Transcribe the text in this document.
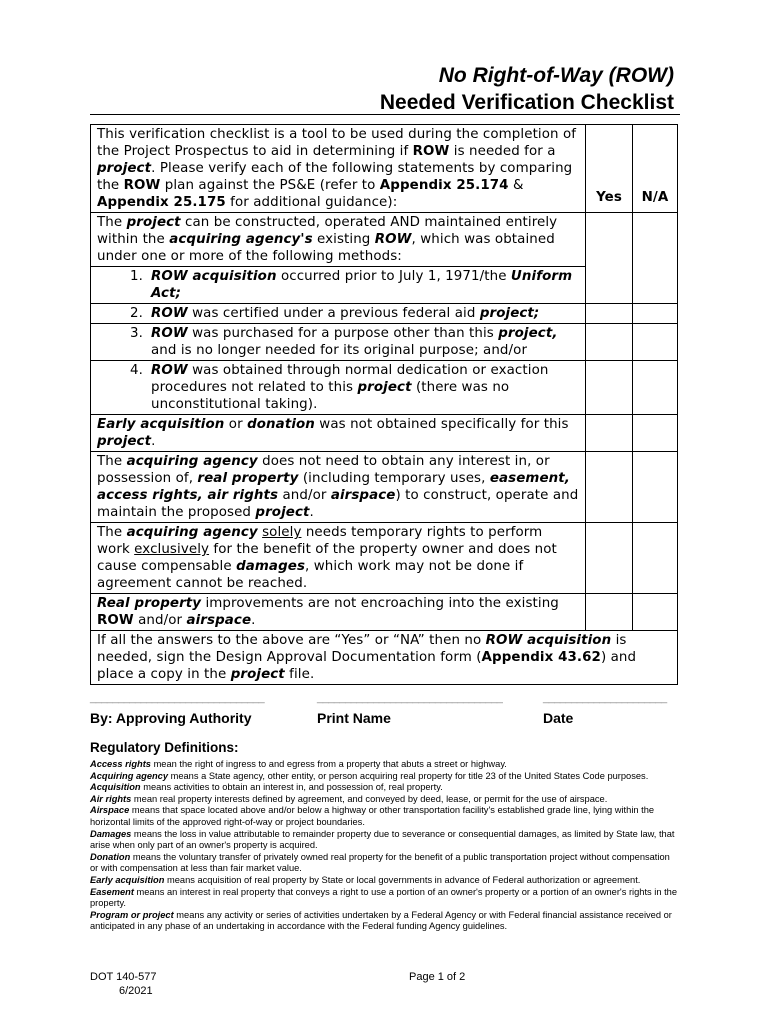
No Right-of-Way (ROW)
Needed Verification Checklist
This verification checklist is a tool to be used during the completion of the Project Prospectus to aid in determining if ROW is needed for a project. Please verify each of the following statements by comparing the ROW plan against the PS&E (refer to Appendix 25.174 & Appendix 25.175 for additional guidance):	Yes	N/A

The project can be constructed, operated AND maintained entirely within the acquiring agency's existing ROW, which was obtained under one or more of the following methods:		

1. ROW acquisition occurred prior to July 1, 1971/the Uniform Act;		

2. ROW was certified under a previous federal aid project;		

3. ROW was purchased for a purpose other than this project, and is no longer needed for its original purpose; and/or		

4. ROW was obtained through normal dedication or exaction procedures not related to this project (there was no unconstitutional taking).		

Early acquisition or donation was not obtained specifically for this project.		
The acquiring agency does not need to obtain any interest in, or possession of, real property (including temporary uses, easement, access rights, air rights and/or airspace) to construct, operate and maintain the proposed project.		
The acquiring agency solely needs temporary rights to perform work exclusively for the benefit of the property owner and does not cause compensable damages, which work may not be done if agreement cannot be reached.		
Real property improvements are not encroaching into the existing ROW and/or airspace.		
If all the answers to the above are “Yes” or “NA” then no ROW acquisition is needed, sign the Design Approval Documentation form (Appendix 43.62) and place a copy in the project file.		
_______________________________
By: Approving Authority
_________________________________
Print Name
______________________
Date
Regulatory Definitions:

Access rights mean the right of ingress to and egress from a property that abuts a street or highway.

Acquiring agency means a State agency, other entity, or person acquiring real property for title 23 of the United States Code purposes.

Acquisition means activities to obtain an interest in, and possession of, real property.

Air rights mean real property interests defined by agreement, and conveyed by deed, lease, or permit for the use of airspace.

Airspace means that space located above and/or below a highway or other transportation facility's established grade line, lying within the horizontal limits of the approved right-of-way or project boundaries.

Damages means the loss in value attributable to remainder property due to severance or consequential damages, as limited by State law, that arise when only part of an owner's property is acquired.

Donation means the voluntary transfer of privately owned real property for the benefit of a public transportation project without compensation or with compensation at less than fair market value.

Early acquisition means acquisition of real property by State or local governments in advance of Federal authorization or agreement.

Easement means an interest in real property that conveys a right to use a portion of an owner's property or a portion of an owner's rights in the property.

Program or project means any activity or series of activities undertaken by a Federal Agency or with Federal financial assistance received or anticipated in any phase of an undertaking in accordance with the Federal funding Agency guidelines.

DOT 140-577
6/2021
Page 1 of 2
